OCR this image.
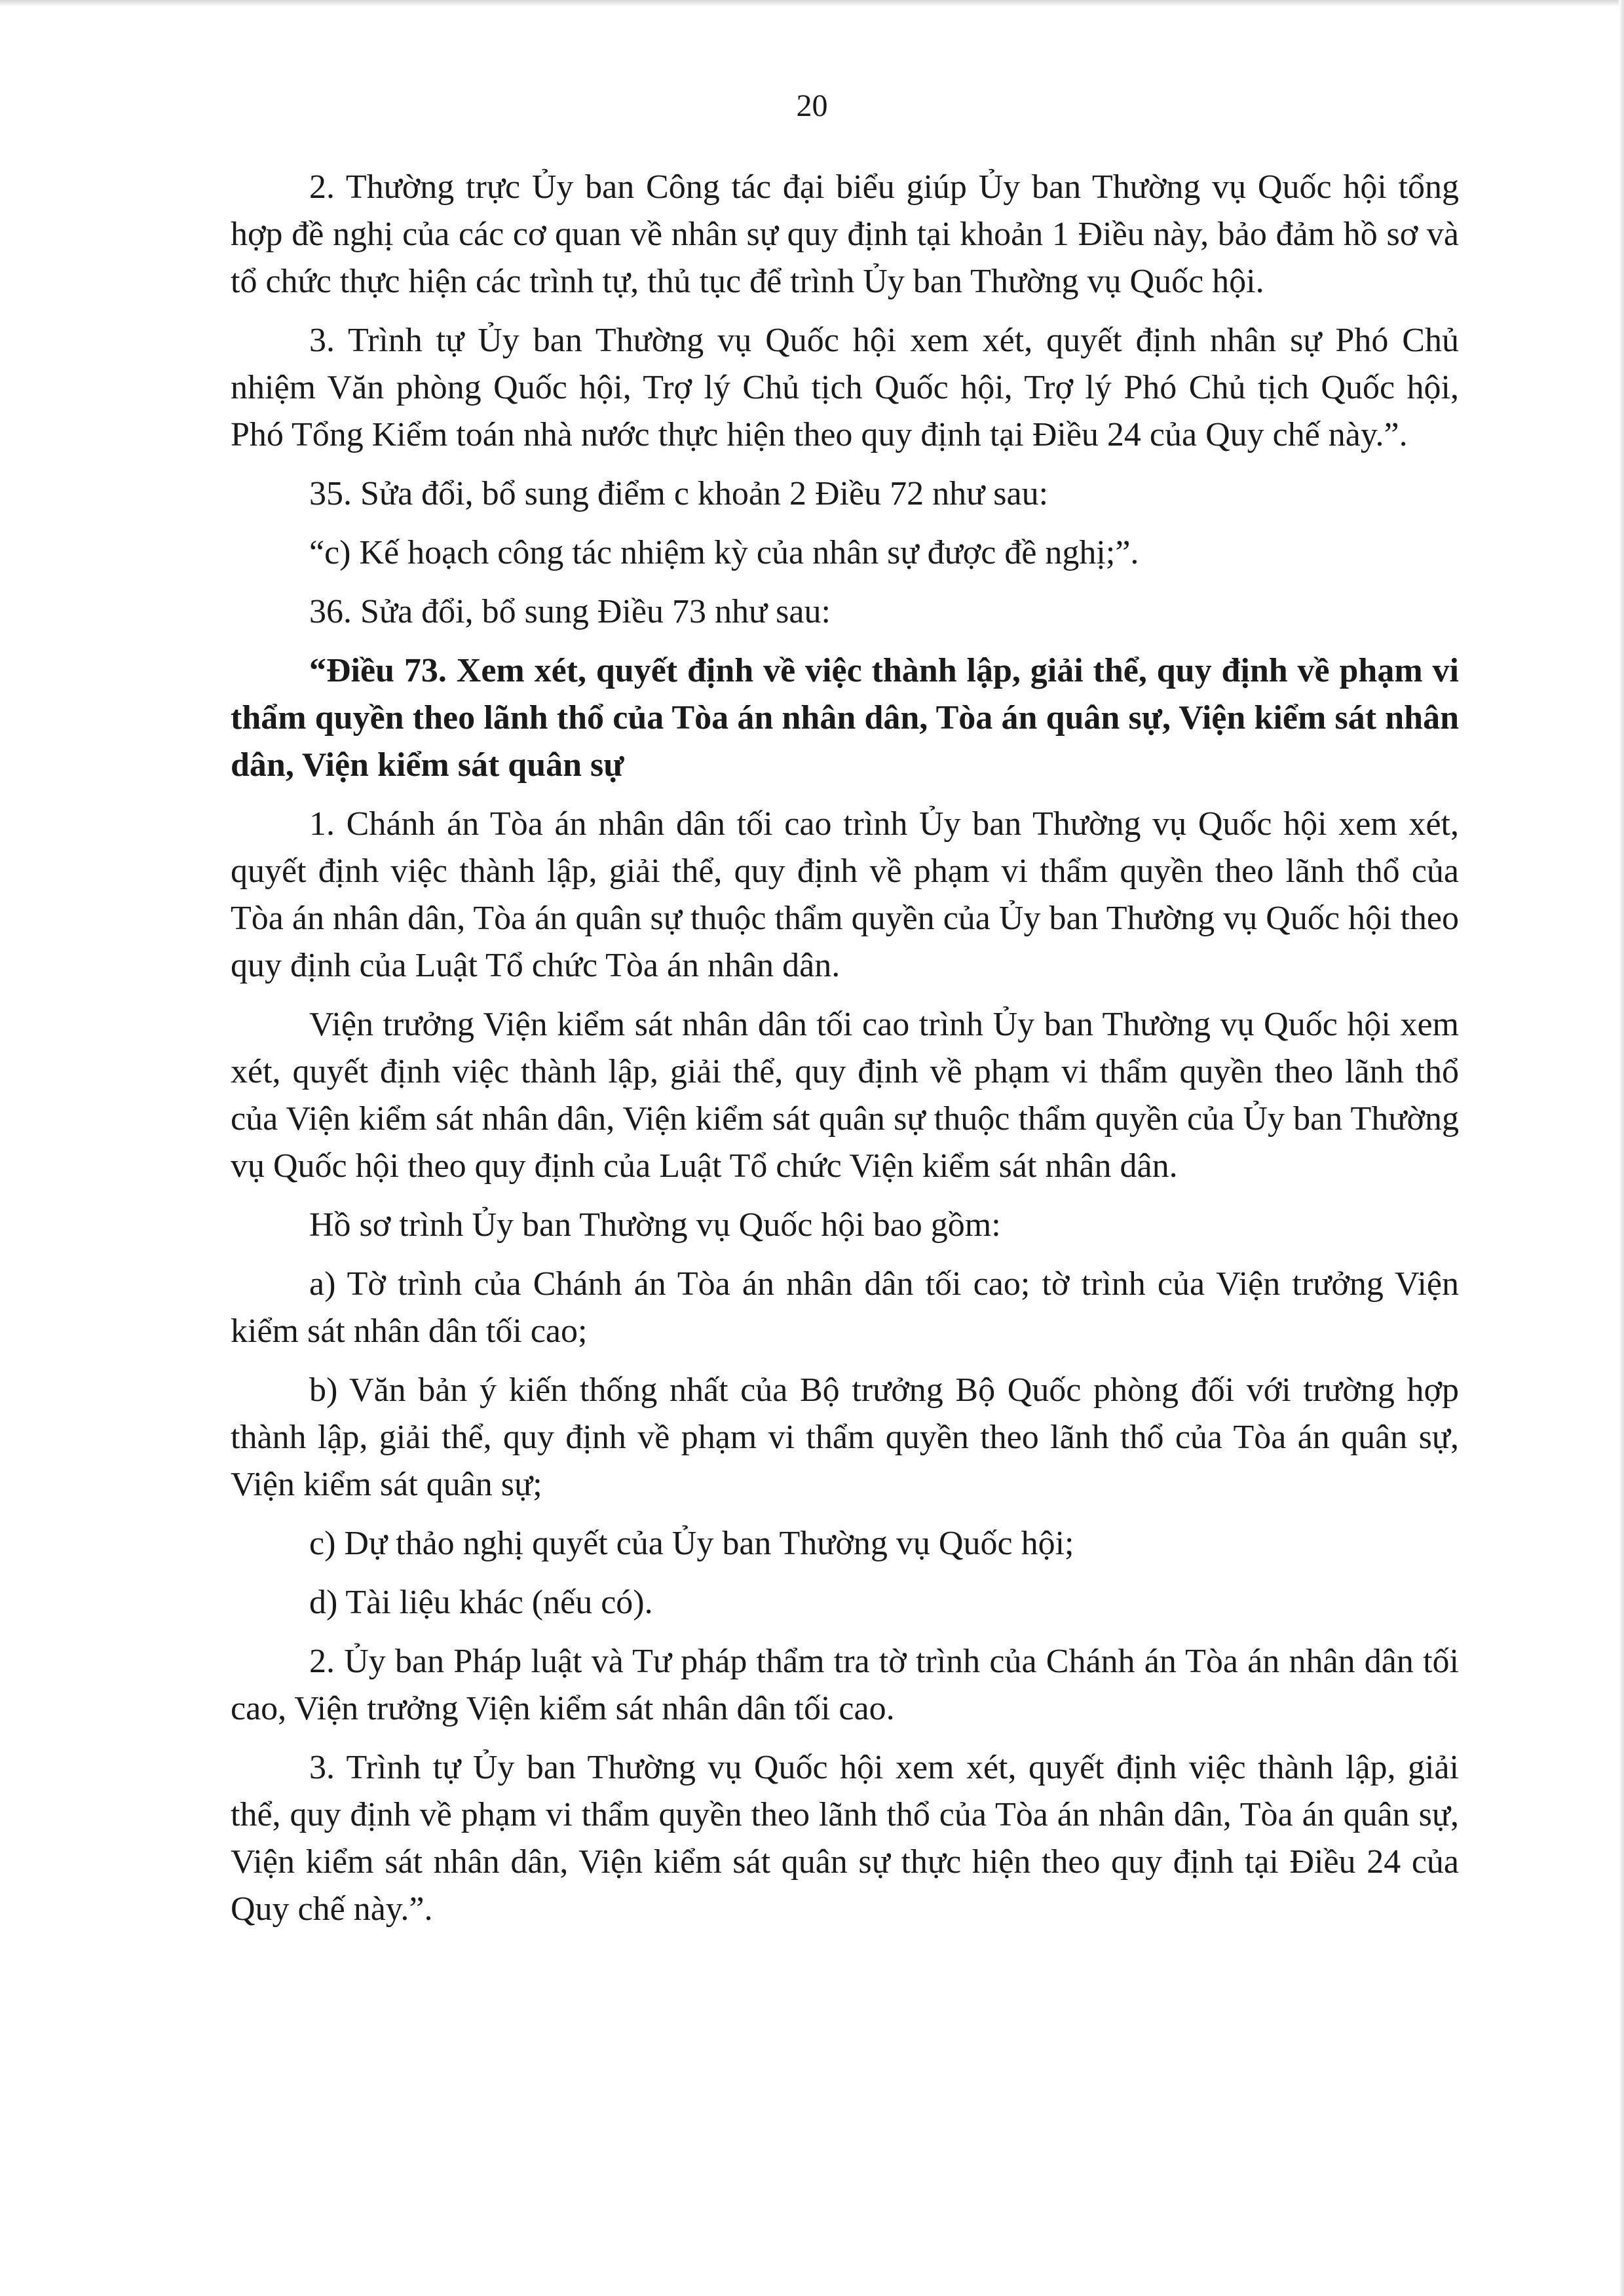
20

2. Thường trực Ủy ban Công tác đại biểu giúp Ủy ban Thường vụ Quốc hội tổng hợp đề nghị của các cơ quan về nhân sự quy định tại khoản 1 Điều này, bảo đảm hồ sơ và tổ chức thực hiện các trình tự, thủ tục để trình Ủy ban Thường vụ Quốc hội.

3. Trình tự Ủy ban Thường vụ Quốc hội xem xét, quyết định nhân sự Phó Chủ nhiệm Văn phòng Quốc hội, Trợ lý Chủ tịch Quốc hội, Trợ lý Phó Chủ tịch Quốc hội, Phó Tổng Kiểm toán nhà nước thực hiện theo quy định tại Điều 24 của Quy chế này.”.

35. Sửa đổi, bổ sung điểm c khoản 2 Điều 72 như sau:

“c) Kế hoạch công tác nhiệm kỳ của nhân sự được đề nghị;”.

36. Sửa đổi, bổ sung Điều 73 như sau:

“Điều 73. Xem xét, quyết định về việc thành lập, giải thể, quy định về phạm vi thẩm quyền theo lãnh thổ của Tòa án nhân dân, Tòa án quân sự, Viện kiểm sát nhân dân, Viện kiểm sát quân sự

1. Chánh án Tòa án nhân dân tối cao trình Ủy ban Thường vụ Quốc hội xem xét, quyết định việc thành lập, giải thể, quy định về phạm vi thẩm quyền theo lãnh thổ của Tòa án nhân dân, Tòa án quân sự thuộc thẩm quyền của Ủy ban Thường vụ Quốc hội theo quy định của Luật Tổ chức Tòa án nhân dân.

Viện trưởng Viện kiểm sát nhân dân tối cao trình Ủy ban Thường vụ Quốc hội xem xét, quyết định việc thành lập, giải thể, quy định về phạm vi thẩm quyền theo lãnh thổ của Viện kiểm sát nhân dân, Viện kiểm sát quân sự thuộc thẩm quyền của Ủy ban Thường vụ Quốc hội theo quy định của Luật Tổ chức Viện kiểm sát nhân dân.

Hồ sơ trình Ủy ban Thường vụ Quốc hội bao gồm:

a) Tờ trình của Chánh án Tòa án nhân dân tối cao; tờ trình của Viện trưởng Viện kiểm sát nhân dân tối cao;

b) Văn bản ý kiến thống nhất của Bộ trưởng Bộ Quốc phòng đối với trường hợp thành lập, giải thể, quy định về phạm vi thẩm quyền theo lãnh thổ của Tòa án quân sự, Viện kiểm sát quân sự;

c) Dự thảo nghị quyết của Ủy ban Thường vụ Quốc hội;

d) Tài liệu khác (nếu có).

2. Ủy ban Pháp luật và Tư pháp thẩm tra tờ trình của Chánh án Tòa án nhân dân tối cao, Viện trưởng Viện kiểm sát nhân dân tối cao.

3. Trình tự Ủy ban Thường vụ Quốc hội xem xét, quyết định việc thành lập, giải thể, quy định về phạm vi thẩm quyền theo lãnh thổ của Tòa án nhân dân, Tòa án quân sự, Viện kiểm sát nhân dân, Viện kiểm sát quân sự thực hiện theo quy định tại Điều 24 của Quy chế này.”.
